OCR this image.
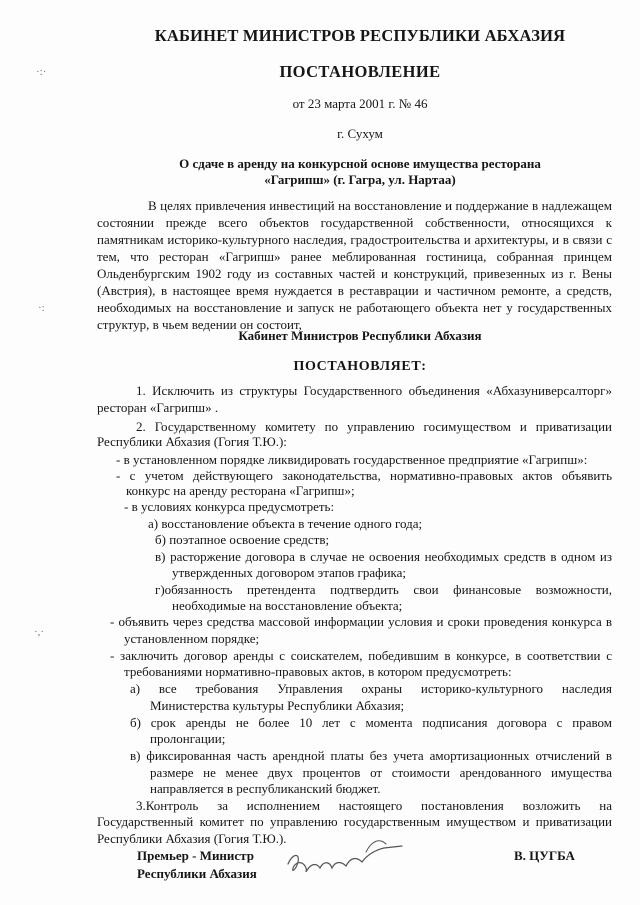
·:·
·:
·,·
КАБИНЕТ МИНИСТРОВ РЕСПУБЛИКИ АБХАЗИЯ
ПОСТАНОВЛЕНИЕ
от 23 марта 2001 г. № 46
г. Сухум
О сдаче в аренду на конкурсной основе имущества ресторана
«Гагрипш» (г. Гагра, ул. Нартаа)
В целях привлечения инвестиций на восстановление и поддержание в надлежащем
состоянии прежде всего объектов государственной собственности, относящихся к
памятникам историко-культурного наследия, градостроительства и архитектуры, и в связи с
тем, что ресторан «Гагрипш» ранее меблированная гостиница, собранная принцем
Ольденбургским 1902 году из составных частей и конструкций, привезенных из г. Вены
(Австрия), в настоящее время нуждается в реставрации и частичном ремонте, а средств,
необходимых на восстановление и запуск не работающего объекта нет у государственных
структур, в чьем ведении он состоит,
Кабинет Министров Республики Абхазия
ПОСТАНОВЛЯЕТ:
1. Исключить из структуры Государственного объединения «Абхазуниверсалторг»
ресторан «Гагрипш» .
2. Государственному комитету по управлению госимуществом и приватизации
Республики Абхазия (Гогия Т.Ю.):
- в установленном порядке ликвидировать государственное предприятие «Гагрипш»:
- с учетом действующего законодательства, нормативно-правовых актов объявить
конкурс на аренду ресторана «Гагрипш»;
- в условиях конкурса предусмотреть:
а) восстановление объекта в течение одного года;
б) поэтапное освоение средств;
в) расторжение договора в случае не освоения необходимых средств в одном из
утвержденных договором этапов графика;
г)обязанность претендента подтвердить свои финансовые возможности,
необходимые на восстановление объекта;
- объявить через средства массовой информации условия и сроки проведения конкурса в
установленном порядке;
- заключить договор аренды с соискателем, победившим в конкурсе, в соответствии с
требованиями нормативно-правовых актов, в котором предусмотреть:
а) все требования Управления охраны историко-культурного наследия
Министерства культуры Республики Абхазия;
б) срок аренды не более 10 лет с момента подписания договора с правом
пролонгации;
в) фиксированная часть арендной платы без учета амортизационных отчислений в
размере не менее двух процентов от стоимости арендованного имущества
направляется в республиканский бюджет.
3.Контроль за исполнением настоящего постановления возложить на
Государственный комитет по управлению государственным имуществом и приватизации
Республики Абхазия (Гогия Т.Ю.).
Премьер - Министр
Республики Абхазия
В. ЦУГБА
